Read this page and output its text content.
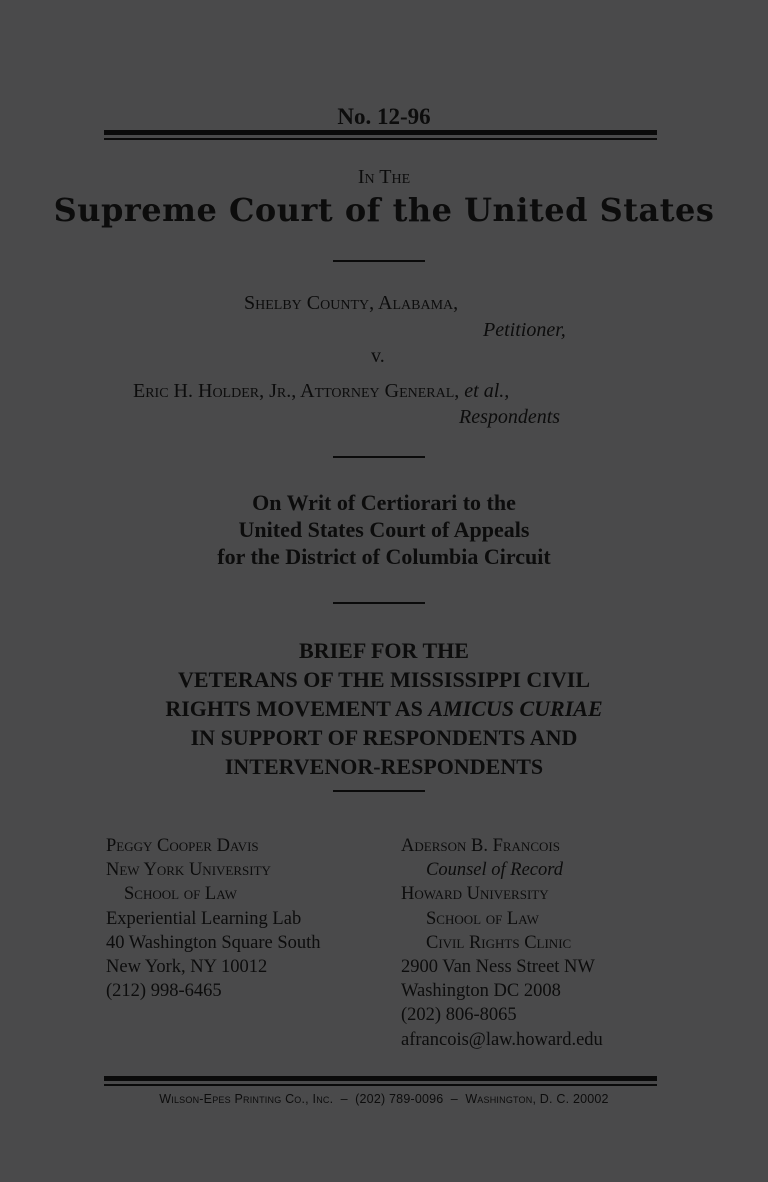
No. 12-96
In The
Supreme Court of the United States
Shelby County, Alabama,
Petitioner,
v.
Eric H. Holder, Jr., Attorney General, et al.,
Respondents
On Writ of Certiorari to the
United States Court of Appeals
for the District of Columbia Circuit
BRIEF FOR THE
VETERANS OF THE MISSISSIPPI CIVIL
RIGHTS MOVEMENT AS AMICUS CURIAE
IN SUPPORT OF RESPONDENTS AND
INTERVENOR-RESPONDENTS
Peggy Cooper Davis
New York University
School of Law
Experiential Learning Lab
40 Washington Square South
New York, NY 10012
(212) 998-6465
Aderson B. Francois
Counsel of Record
Howard University
School of Law
Civil Rights Clinic
2900 Van Ness Street NW
Washington DC 2008
(202) 806-8065
afrancois@law.howard.edu
Wilson-Epes Printing Co., Inc. – (202) 789-0096 – Washington, D. C. 20002
